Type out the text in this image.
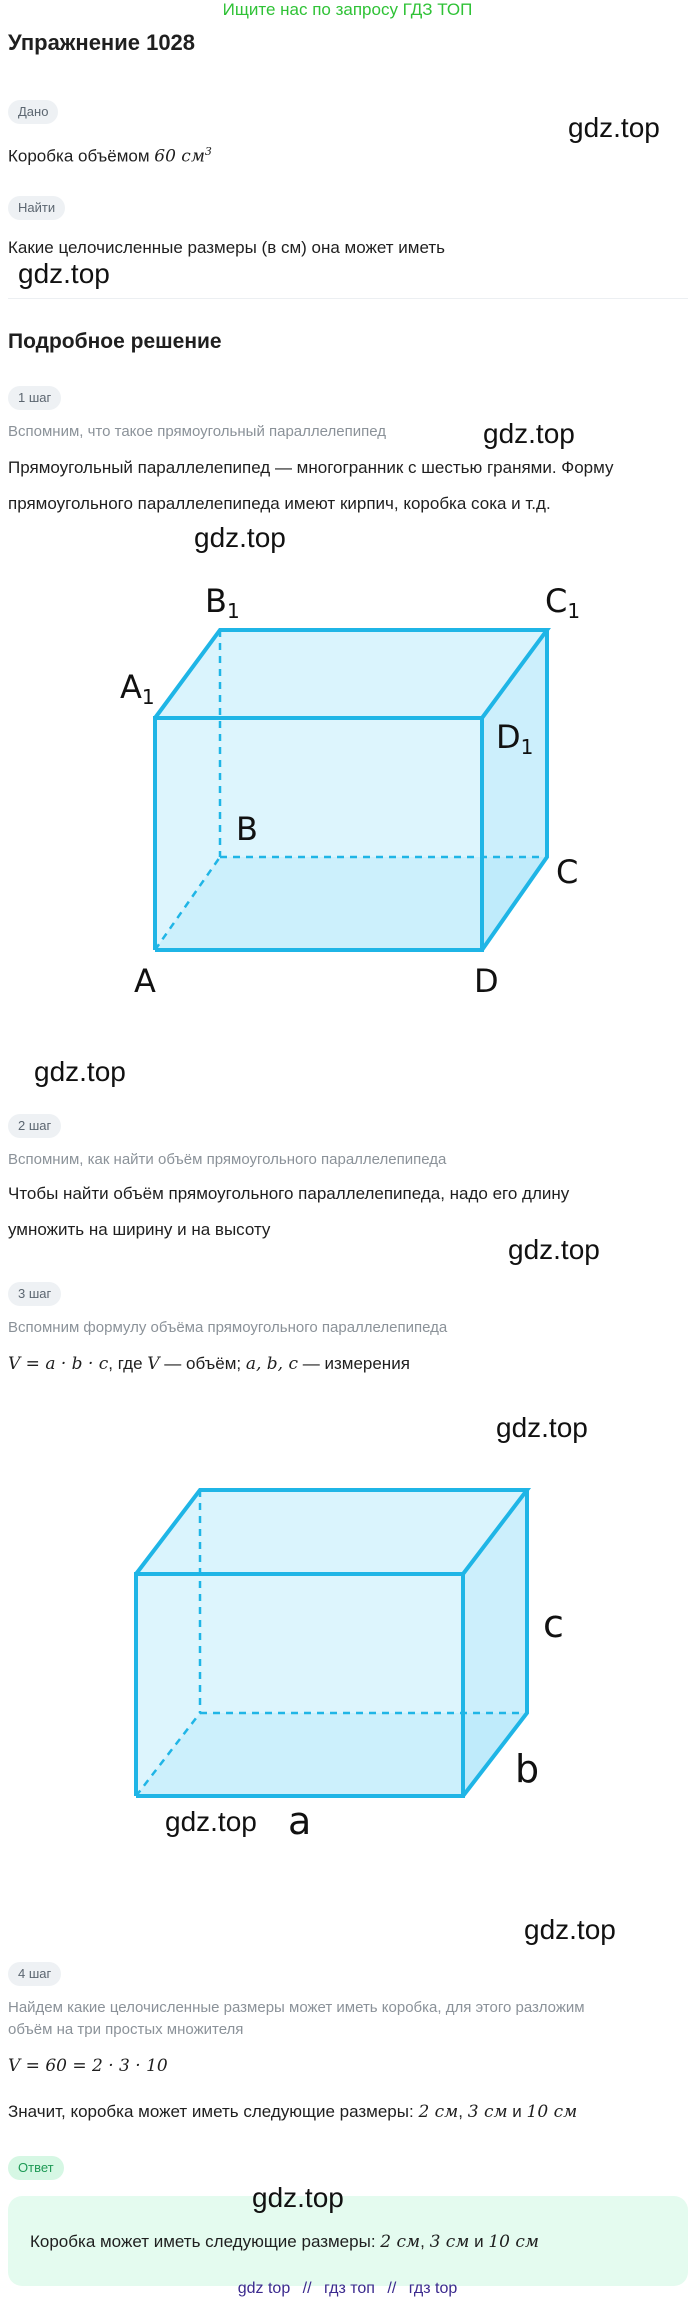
Ищите нас по запросу ГДЗ ТОП
Упражнение 1028
Дано
Коробка объёмом 60 $см^3$
gdz.top
Найти
Какие целочисленные размеры (в см) она может иметь
gdz.top
Подробное решение
1 шаг
Вспомним, что такое прямоугольный параллелепипед	gdz.top
Прямоугольный параллелепипед — многогранник с шестью гранями. Форму
прямоугольного параллелепипеда имеют кирпич, коробка сока и т.д.
gdz.top
B1	C1
A1
D1
B
C
A	D
gdz.top
2 шаг
Вспомним, как найти объём прямоугольного параллелепипеда
Чтобы найти объём прямоугольного параллелепипеда, надо его длину
умножить на ширину и на высоту
gdz.top
3 шаг
Вспомним формулу объёма прямоугольного параллелепипеда
V = a · b · c, где V — объём; a, b, c — измерения
gdz.top
c
b
a
gdz.top
gdz.top
4 шаг
Найдем какие целочисленные размеры может иметь коробка, для этого разложим
объём на три простых множителя
V = 60 = 2 · 3 · 10
Значит, коробка может иметь следующие размеры: 2 см, 3 см и 10 см
Ответ
gdz.top
Коробка может иметь следующие размеры: 2 см, 3 см и 10 см
gdz top // гдз топ // гдз top
